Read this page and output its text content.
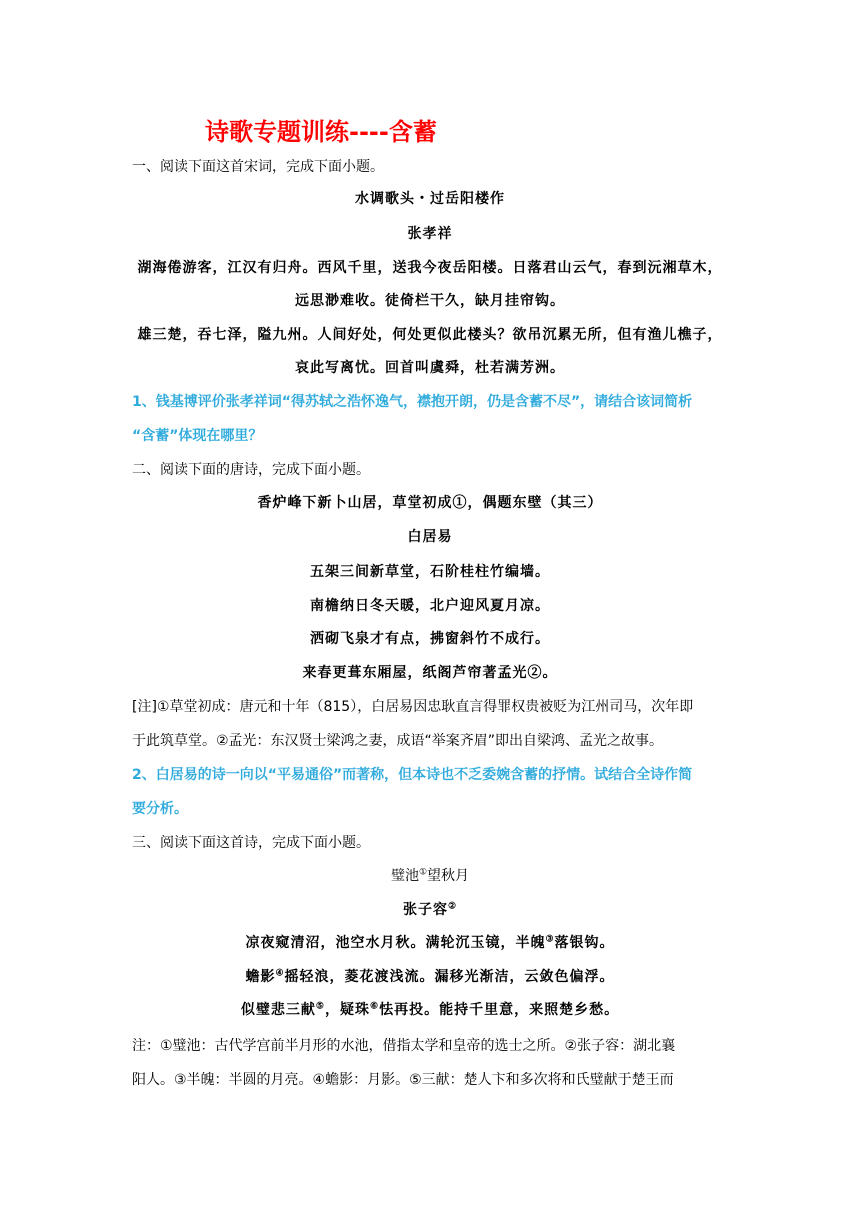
诗歌专题训练----含蓄
一、阅读下面这首宋词，完成下面小题。
水调歌头・过岳阳楼作
张孝祥
湖海倦游客，江汉有归舟。西风千里，送我今夜岳阳楼。日落君山云气，春到沅湘草木，
远思渺难收。徒倚栏干久，缺月挂帘钩。
雄三楚，吞七泽，隘九州。人间好处，何处更似此楼头？欲吊沉累无所，但有渔儿樵子，
哀此写离忧。回首叫虞舜，杜若满芳洲。
1、钱基博评价张孝祥词“得苏轼之浩怀逸气，襟抱开朗，仍是含蓄不尽”，请结合该词简析
“含蓄”体现在哪里？
二、阅读下面的唐诗，完成下面小题。
香炉峰下新卜山居，草堂初成①，偶题东壁（其三）
白居易
五架三间新草堂，石阶桂柱竹编墙。
南檐纳日冬天暖，北户迎风夏月凉。
洒砌飞泉才有点，拂窗斜竹不成行。
来春更葺东厢屋，纸阁芦帘著孟光②。
[注]①草堂初成：唐元和十年（815），白居易因忠耿直言得罪权贵被贬为江州司马，次年即
于此筑草堂。②孟光：东汉贤士梁鸿之妻，成语“举案齐眉”即出自梁鸿、孟光之故事。
2、白居易的诗一向以“平易通俗”而著称，但本诗也不乏委婉含蓄的抒情。试结合全诗作简
要分析。
三、阅读下面这首诗，完成下面小题。
璧池①望秋月
张子容②
凉夜窥清沼，池空水月秋。满轮沉玉镜，半魄③落银钩。
蟾影④摇轻浪，菱花渡浅流。漏移光渐洁，云敛色偏浮。
似璧悲三献⑤，疑珠⑥怯再投。能持千里意，来照楚乡愁。
注：①璧池：古代学宫前半月形的水池，借指太学和皇帝的选士之所。②张子容：湖北襄
阳人。③半魄：半圆的月亮。④蟾影：月影。⑤三献：楚人卞和多次将和氏璧献于楚王而
